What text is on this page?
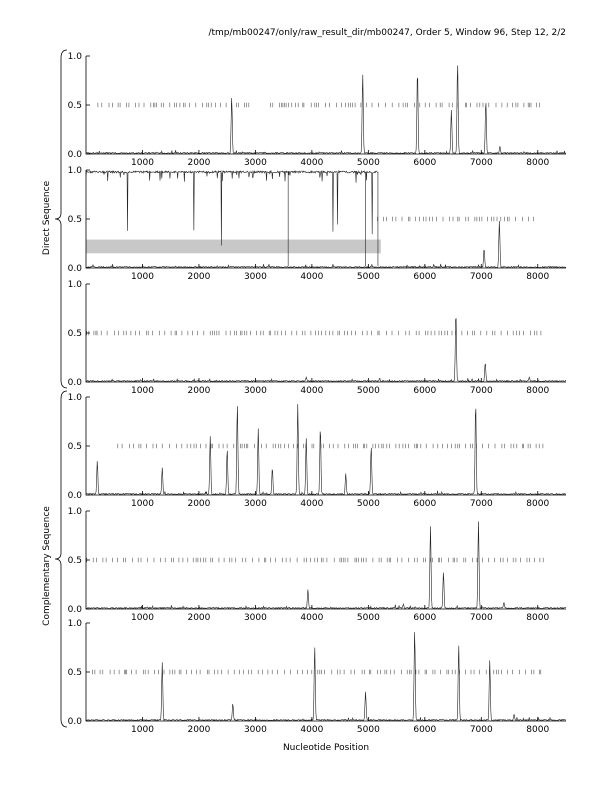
/tmp/mb00247/only/raw_result_dir/mb00247, Order 5, Window 96, Step 12, 2/2
0.0
0.5
1.0
1000	2000	3000	4000	5000	6000	7000	8000
0.0
0.5
1.0
1000	2000	3000	4000	5000	6000	7000	8000
0.0
0.5
1.0
1000	2000	3000	4000	5000	6000	7000	8000
0.0
0.5
1.0
1000	2000	3000	4000	5000	6000	7000	8000
0.0
0.5
1.0
1000	2000	3000	4000	5000	6000	7000	8000
0.0
0.5
1.0
1000	2000	3000	4000	5000	6000	7000	8000
Direct Sequence
Complementary Sequence
Nucleotide Position
